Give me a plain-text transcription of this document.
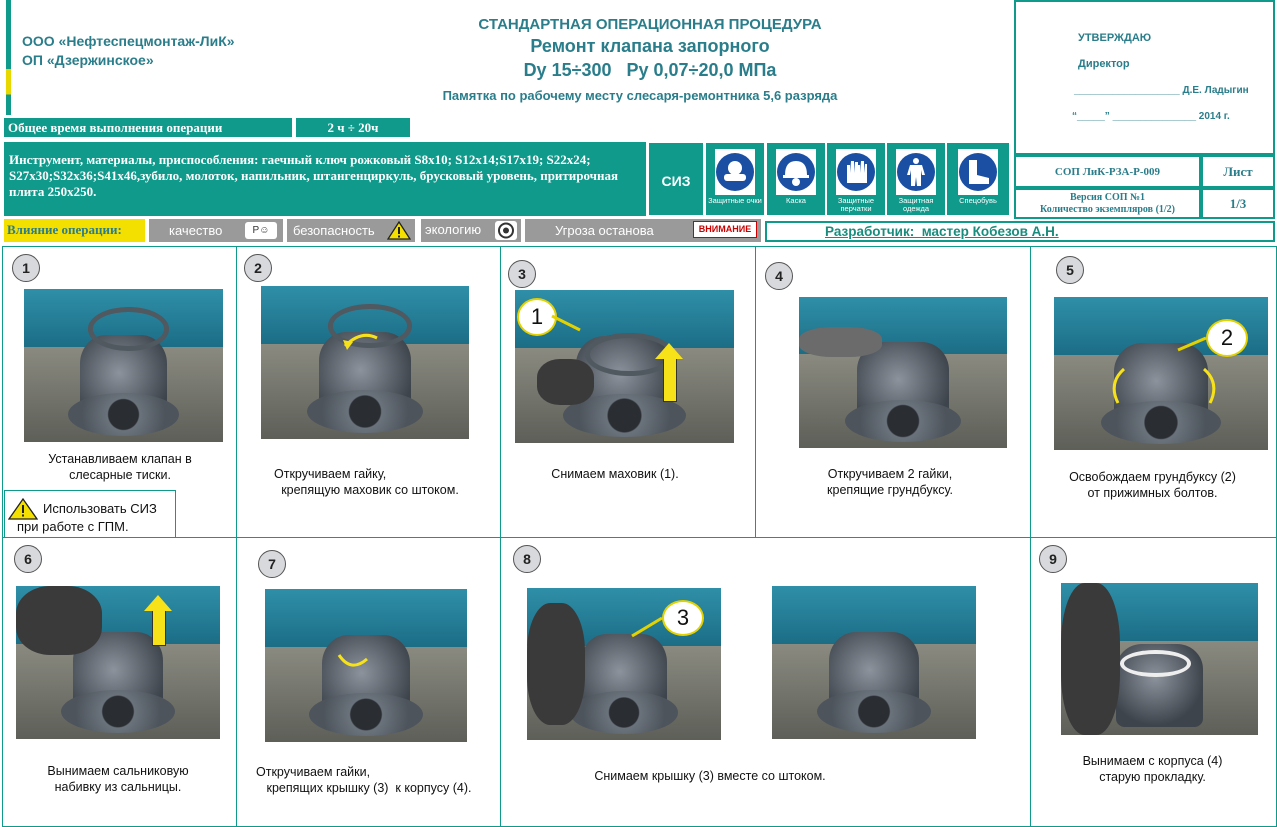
ООО «Нефтеспецмонтаж-ЛиК»
ОП «Дзержинское»
СТАНДАРТНАЯ ОПЕРАЦИОННАЯ ПРОЦЕДУРА
Ремонт клапана запорного
Dy 15÷300   Py 0,07÷20,0 МПа
Памятка по рабочему месту слесаря-ремонтника 5,6 разряда
УТВЕРЖДАЮ
Директор
___________________ Д.Е. Ладыгин
“_____” _______________ 2014 г.
СОП ЛиК-РЗА-Р-009	Лист
Версия СОП №1
Количество экземпляров (1/2)	1/3
Общее время выполнения операции	2 ч ÷ 20ч
Инструмент, материалы, приспособления: гаечный ключ рожковый S8х10; S12х14;S17х19; S22х24; S27х30;S32х36;S41х46,зубило, молоток, напильник, штангенциркуль, брусковый уровень, притирочная плита 250х250.
СИЗ
Защитные очки	Каска	Защитные перчатки
Защитная одежда
Спецобувь
Влияние операции:	качество	P☺	безопасность	экологию	Угроза останова	ВНИМАНИЕ	Разработчик:  мастер Кобезов А.Н.
1	2	3	4	5
6	7	8	9
1
2
Устанавливаем клапан в
слесарные тиски.	Откручиваем гайку,
крепящую маховик со штоком.
Снимаем маховик (1).	Откручиваем 2 гайки,
крепящие грундбуксу.
Освобождаем грундбуксу (2)
от прижимных болтов.
Использовать СИЗ
при работе с ГПМ.
3
Вынимаем сальниковую
набивку из сальницы.
Откручиваем гайки,
крепящих крышку (3)  к корпусу (4).
Снимаем крышку (3) вместе со штоком.
Вынимаем с корпуса (4)
старую прокладку.
